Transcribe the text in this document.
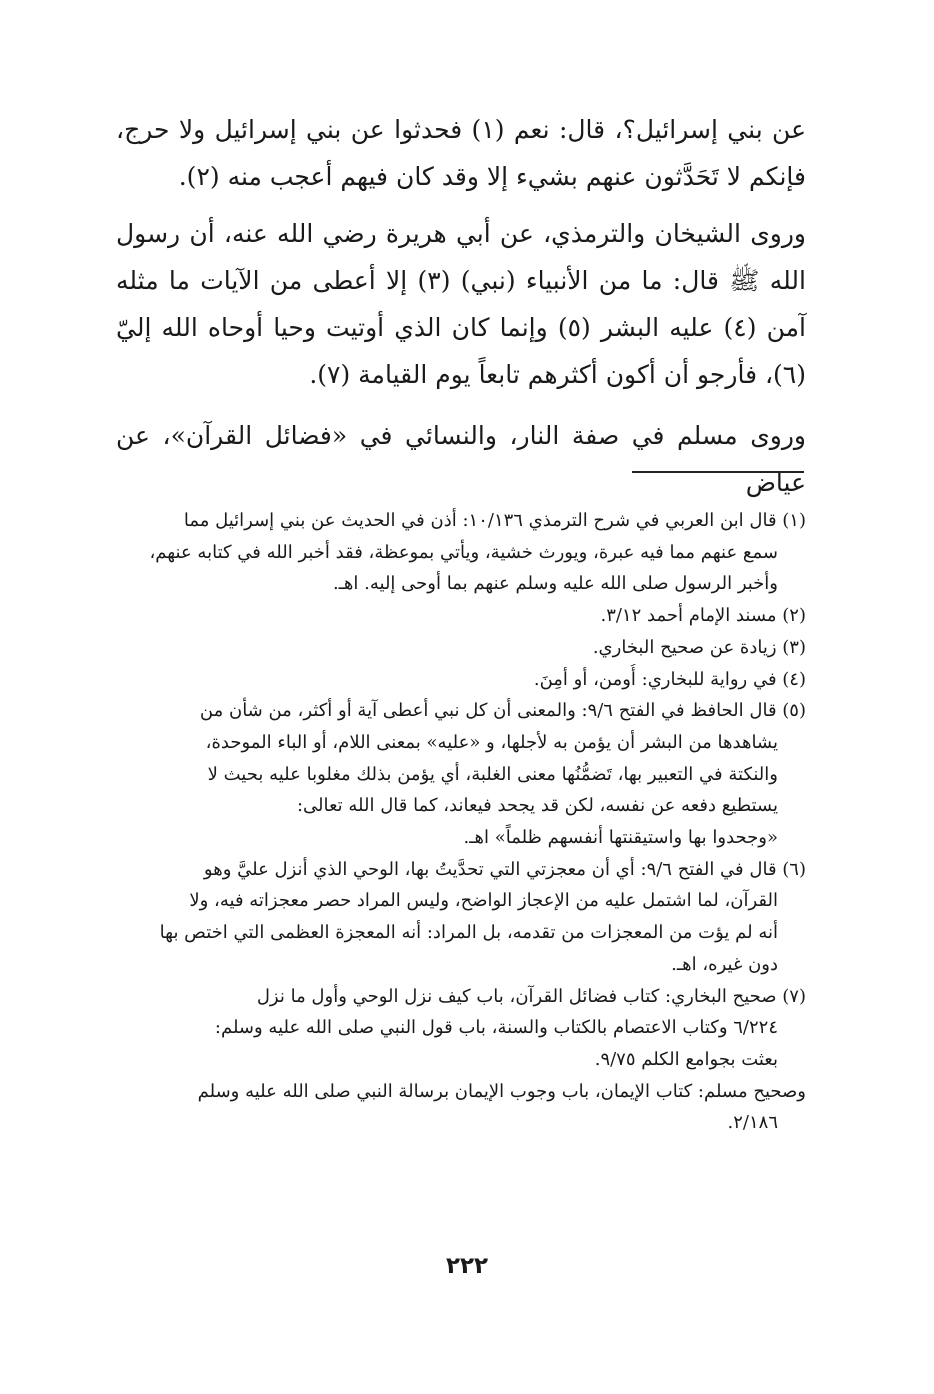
عن بني إسرائيل؟، قال: نعم (١) فحدثوا عن بني إسرائيل ولا حرج، فإنكم لا تَحَدَّثون عنهم بشيء إلا وقد كان فيهم أعجب منه (٢).

وروى الشيخان والترمذي، عن أبي هريرة رضي الله عنه، أن رسول الله ﷺ قال: ما من الأنبياء (نبي) (٣) إلا أعطى من الآيات ما مثله آمن (٤) عليه البشر (٥) وإنما كان الذي أوتيت وحيا أوحاه الله إليّ (٦)، فأرجو أن أكون أكثرهم تابعاً يوم القيامة (٧).

وروى مسلم في صفة النار، والنسائي في «فضائل القرآن»، عن عياض

(١) قال ابن العربي في شرح الترمذي ١٠/١٣٦: أذن في الحديث عن بني إسرائيل مما
سمع عنهم مما فيه عبرة، ويورث خشية، ويأتي بموعظة، فقد أخبر الله في كتابه عنهم،
وأخبر الرسول صلى الله عليه وسلم عنهم بما أوحى إليه. اهـ.
(٢) مسند الإمام أحمد ٣/١٢.
(٣) زيادة عن صحيح البخاري.
(٤) في رواية للبخاري: أُومن، أو أمِنَ.
(٥) قال الحافظ في الفتح ٩/٦: والمعنى أن كل نبي أعطى آية أو أكثر، من شأن من
يشاهدها من البشر أن يؤمن به لأجلها، و «عليه» بمعنى اللام، أو الباء الموحدة،
والنكتة في التعبير بها، تَضمُّنُها معنى الغلبة، أي يؤمن بذلك مغلوبا عليه بحيث لا
يستطيع دفعه عن نفسه، لكن قد يجحد فيعاند، كما قال الله تعالى:
«وجحدوا بها واستيقنتها أنفسهم ظلماً» اهـ.
(٦) قال في الفتح ٩/٦: أي أن معجزتي التي تحدَّيتُ بها، الوحي الذي أنزل عليَّ وهو
القرآن، لما اشتمل عليه من الإعجاز الواضح، وليس المراد حصر معجزاته فيه، ولا
أنه لم يؤت من المعجزات من تقدمه، بل المراد: أنه المعجزة العظمى التي اختص بها
دون غيره، اهـ.
(٧) صحيح البخاري: كتاب فضائل القرآن، باب كيف نزل الوحي وأول ما نزل
٦/٢٢٤ وكتاب الاعتصام بالكتاب والسنة، باب قول النبي صلى الله عليه وسلم:
بعثت بجوامع الكلم ٩/٧٥.
وصحيح مسلم: كتاب الإيمان، باب وجوب الإيمان برسالة النبي صلى الله عليه وسلم
٢/١٨٦.
٢٢٢
